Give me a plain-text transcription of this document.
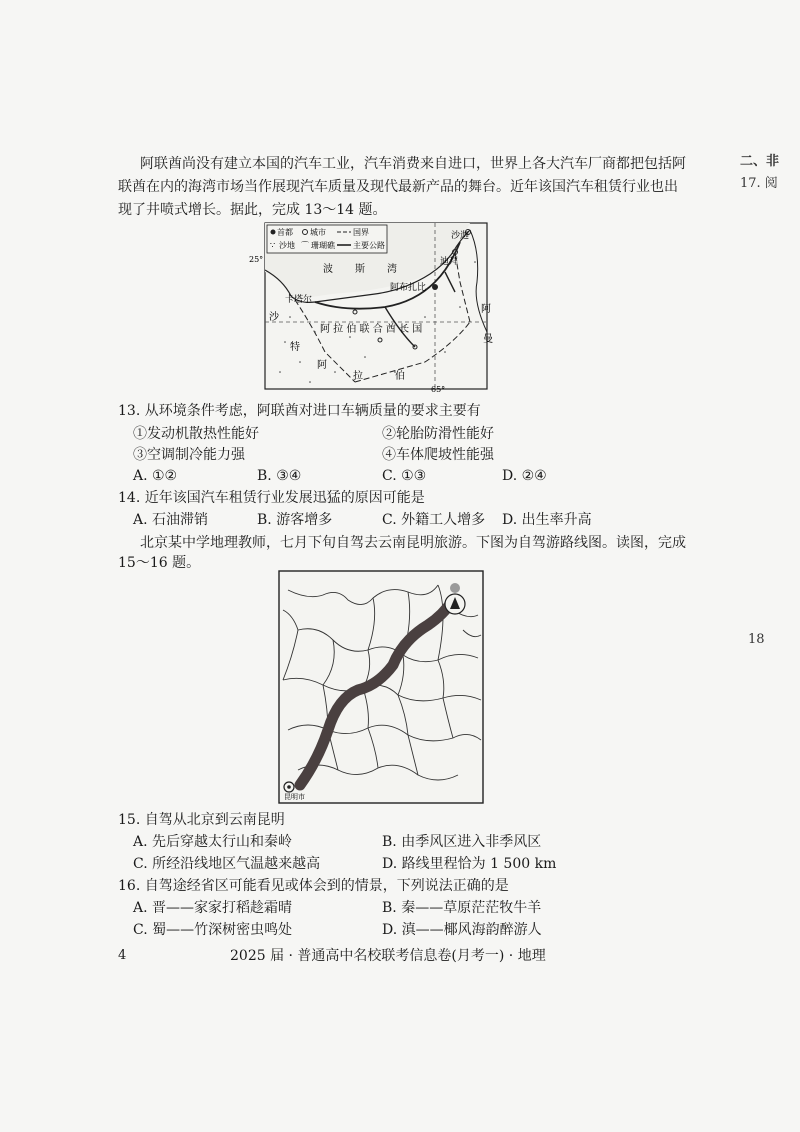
阿联酋尚没有建立本国的汽车工业，汽车消费来自进口，世界上各大汽车厂商都把包括阿
联酋在内的海湾市场当作展现汽车质量及现代最新产品的舞台。近年该国汽车租赁行业也出
现了井喷式增长。据此，完成 13～14 题。
首都 城市	国界
∵ 沙地 ⌒ 珊瑚礁 主要公路
25°
65°
波 斯 湾
迪拜
沙迦
阿布扎比
卡塔尔
沙
阿 拉 伯 联 合 酋 长 国
特
阿
拉	伯
阿
曼
13. 从环境条件考虑，阿联酋对进口车辆质量的要求主要有
①发动机散热性能好	②轮胎防滑性能好
③空调制冷能力强	④车体爬坡性能强
A. ①②	B. ③④	C. ①③	D. ②④
14. 近年该国汽车租赁行业发展迅猛的原因可能是
A. 石油滞销	B. 游客增多	C. 外籍工人增多 D. 出生率升高
北京某中学地理教师，七月下旬自驾去云南昆明旅游。下图为自驾游路线图。读图，完成
15～16 题。
昆明市
15. 自驾从北京到云南昆明
A. 先后穿越太行山和秦岭	B. 由季风区进入非季风区
C. 所经沿线地区气温越来越高	D. 路线里程恰为 1 500 km
16. 自驾途经省区可能看见或体会到的情景，下列说法正确的是
A. 晋——家家打稻趁霜晴	B. 秦——草原茫茫牧牛羊
C. 蜀——竹深树密虫鸣处	D. 滇——椰风海韵醉游人
4	2025 届 · 普通高中名校联考信息卷(月考一) · 地理
二、非
17. 阅
18
